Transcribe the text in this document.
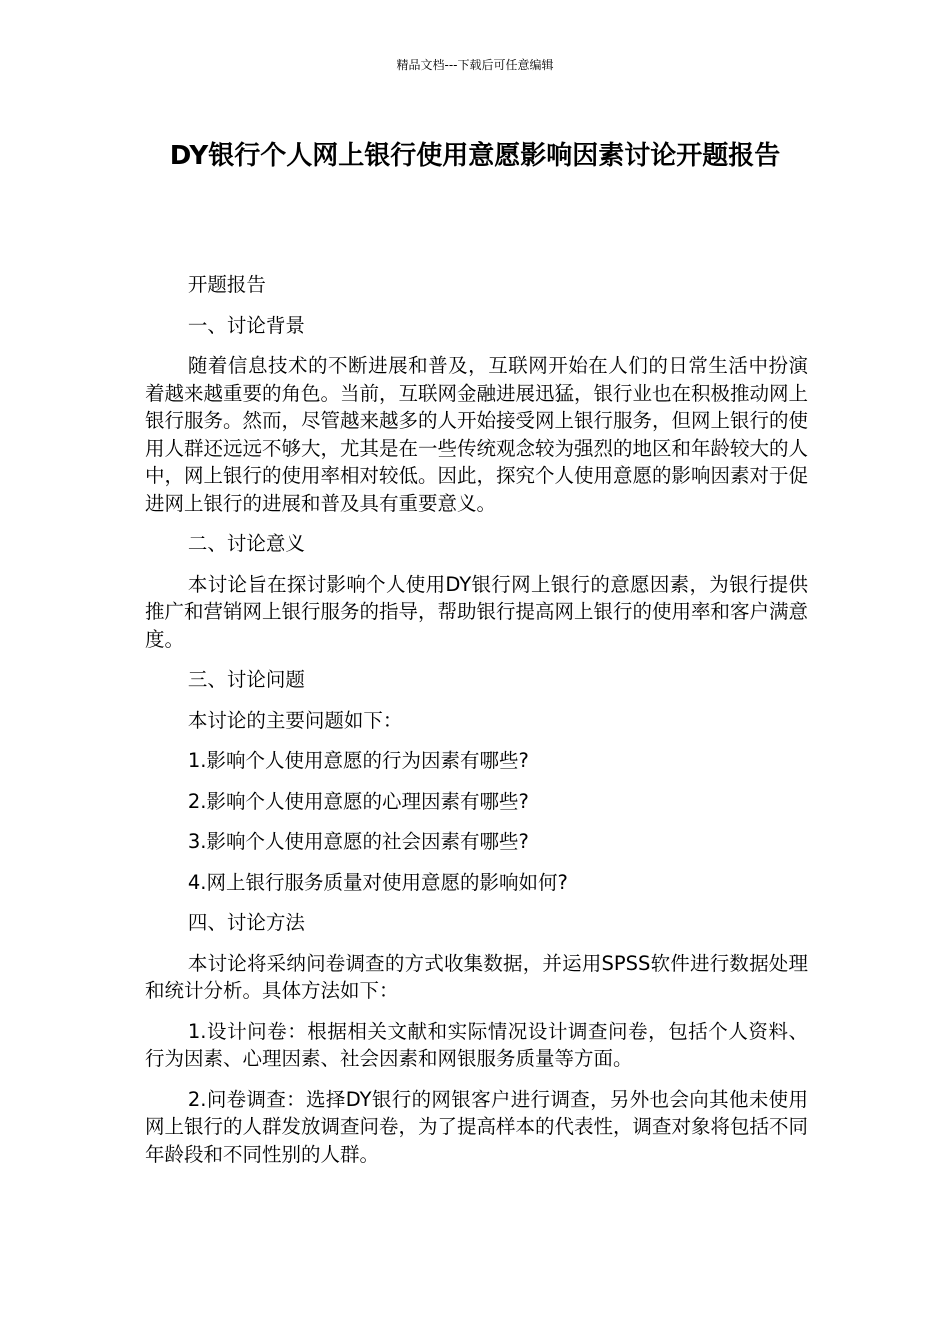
精品文档---下载后可任意编辑
DY银行个人网上银行使用意愿影响因素讨论开题报告

开题报告

一、讨论背景

随着信息技术的不断进展和普及，互联网开始在人们的日常生活中扮演着越来越重要的角色。当前，互联网金融进展迅猛，银行业也在积极推动网上银行服务。然而，尽管越来越多的人开始接受网上银行服务，但网上银行的使用人群还远远不够大，尤其是在一些传统观念较为强烈的地区和年龄较大的人中，网上银行的使用率相对较低。因此，探究个人使用意愿的影响因素对于促进网上银行的进展和普及具有重要意义。

二、讨论意义

本讨论旨在探讨影响个人使用DY银行网上银行的意愿因素，为银行提供推广和营销网上银行服务的指导，帮助银行提高网上银行的使用率和客户满意度。

三、讨论问题

本讨论的主要问题如下：

1.影响个人使用意愿的行为因素有哪些?

2.影响个人使用意愿的心理因素有哪些?

3.影响个人使用意愿的社会因素有哪些?

4.网上银行服务质量对使用意愿的影响如何?

四、讨论方法

本讨论将采纳问卷调查的方式收集数据，并运用SPSS软件进行数据处理和统计分析。具体方法如下：

1.设计问卷：根据相关文献和实际情况设计调查问卷，包括个人资料、行为因素、心理因素、社会因素和网银服务质量等方面。

2.问卷调查：选择DY银行的网银客户进行调查，另外也会向其他未使用网上银行的人群发放调查问卷，为了提高样本的代表性，调查对象将包括不同年龄段和不同性别的人群。
